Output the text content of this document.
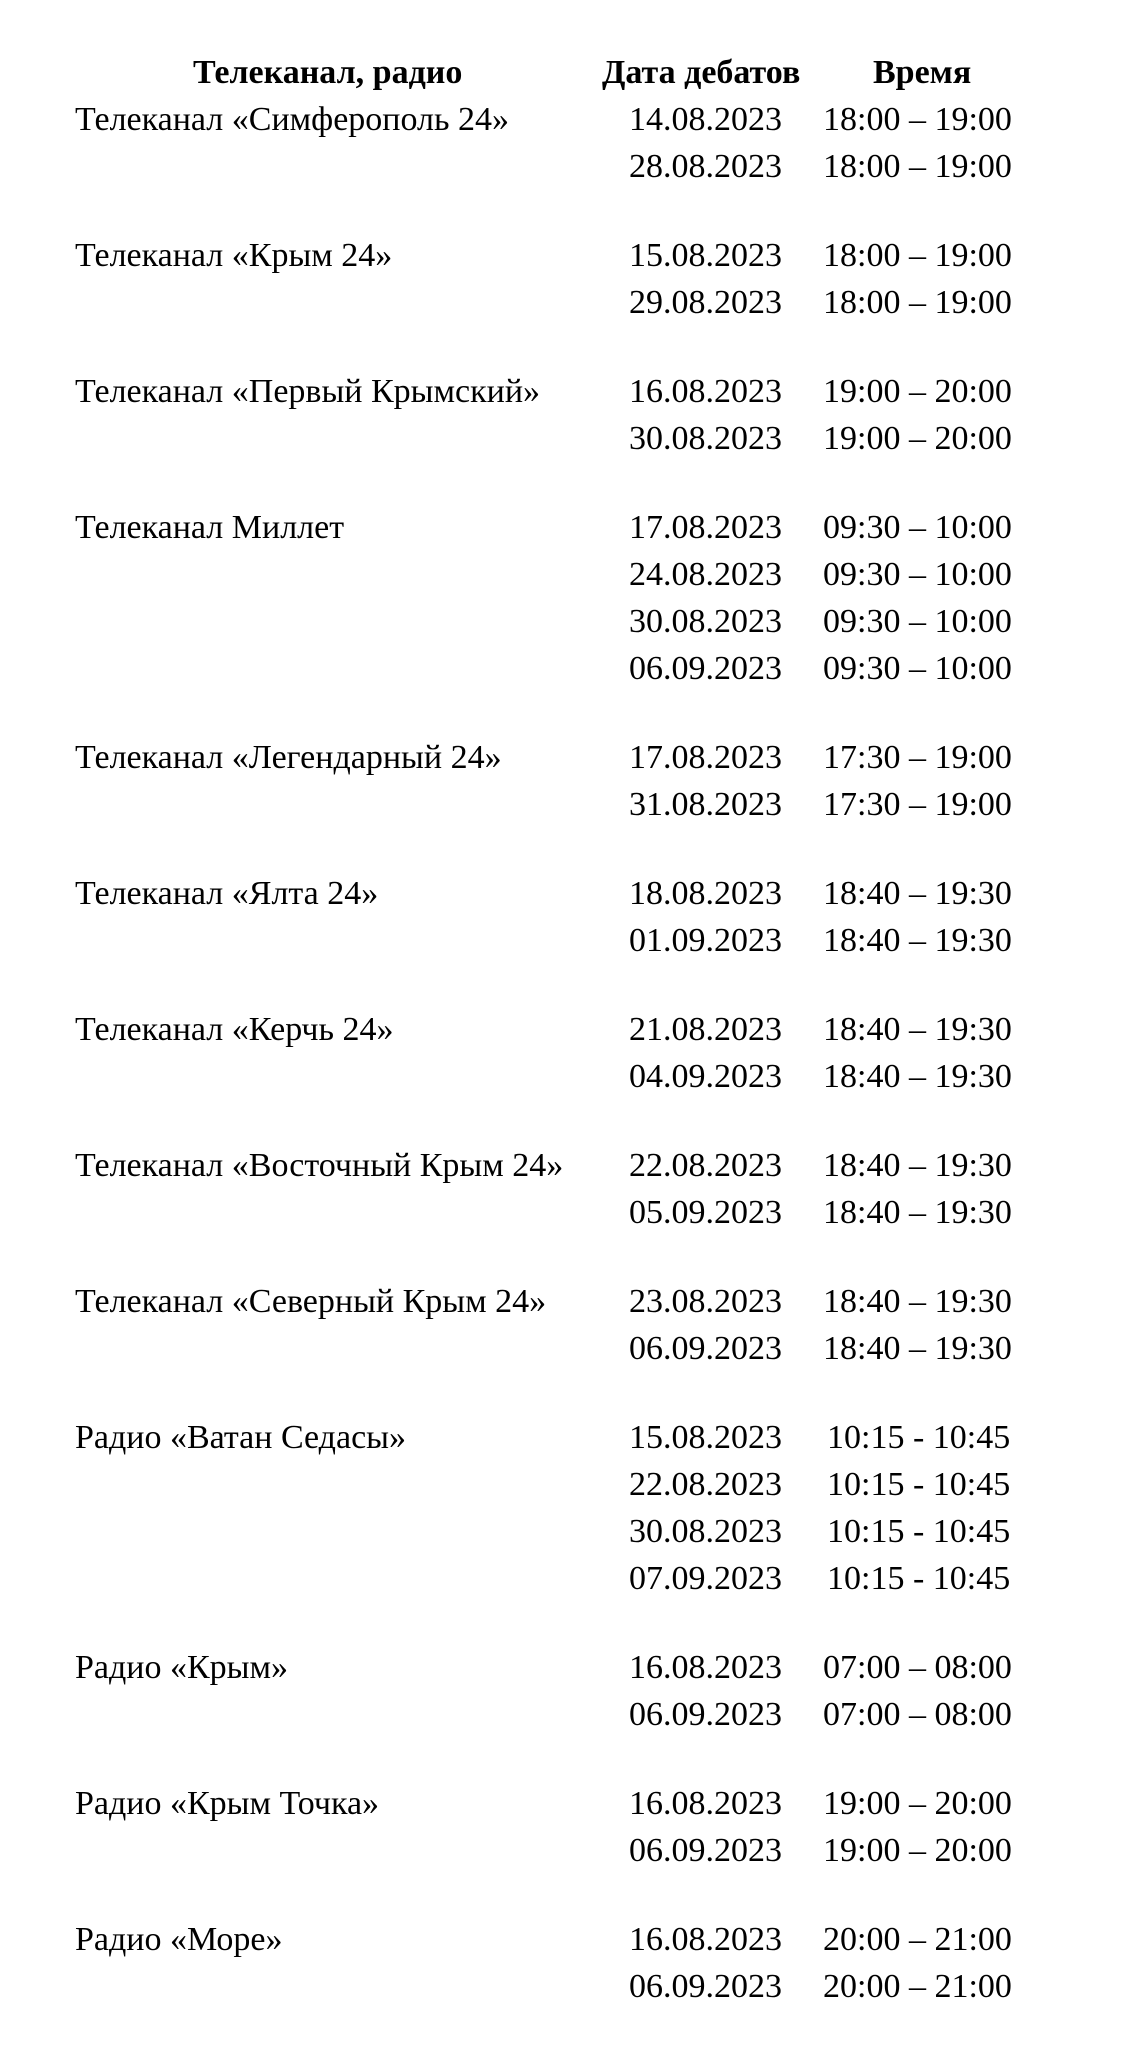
Телеканал, радио	Дата дебатов Время
Телеканал «Симферополь 24»	14.08.2023 18:00 – 19:00
28.08.2023 18:00 – 19:00
Телеканал «Крым 24»	15.08.2023 18:00 – 19:00
29.08.2023 18:00 – 19:00
Телеканал «Первый Крымский»	16.08.2023 19:00 – 20:00
30.08.2023 19:00 – 20:00
Телеканал Миллет	17.08.2023 09:30 – 10:00
24.08.2023 09:30 – 10:00
30.08.2023 09:30 – 10:00
06.09.2023 09:30 – 10:00
Телеканал «Легендарный 24»	17.08.2023 17:30 – 19:00
31.08.2023 17:30 – 19:00
Телеканал «Ялта 24»	18.08.2023 18:40 – 19:30
01.09.2023 18:40 – 19:30
Телеканал «Керчь 24»	21.08.2023 18:40 – 19:30
04.09.2023 18:40 – 19:30
Телеканал «Восточный Крым 24» 22.08.2023 18:40 – 19:30
05.09.2023 18:40 – 19:30
Телеканал «Северный Крым 24» 23.08.2023 18:40 – 19:30
06.09.2023 18:40 – 19:30
Радио «Ватан Седасы»	15.08.2023 10:15 - 10:45
22.08.2023 10:15 - 10:45
30.08.2023 10:15 - 10:45
07.09.2023 10:15 - 10:45
Радио «Крым»	16.08.2023 07:00 – 08:00
06.09.2023 07:00 – 08:00
Радио «Крым Точка»	16.08.2023 19:00 – 20:00
06.09.2023 19:00 – 20:00
Радио «Море»	16.08.2023 20:00 – 21:00
06.09.2023 20:00 – 21:00
